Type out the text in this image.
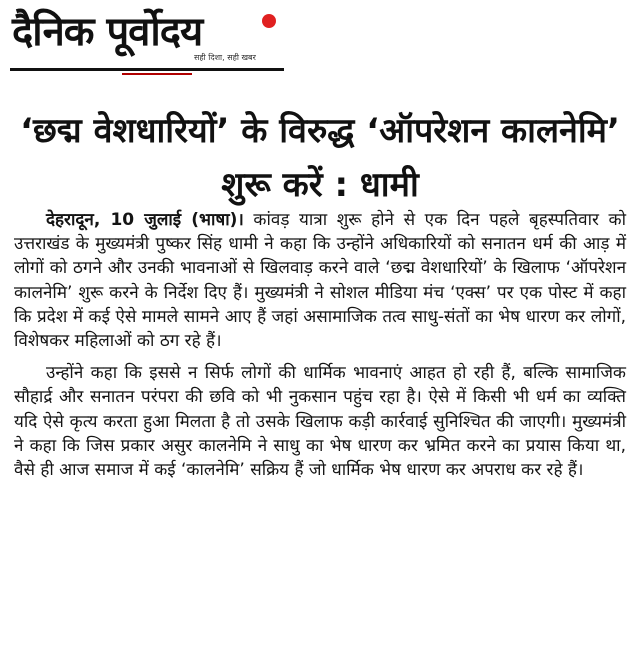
दैनिक पूर्वोदय
सही दिशा, सही खबर
‘छद्म वेशधारियों’ के विरुद्ध ‘ऑपरेशन कालनेमि’ शुरू करें : धामी

देहरादून, 10 जुलाई (भाषा)। कांवड़ यात्रा शुरू होने से एक दिन पहले बृहस्पतिवार को उत्तराखंड के मुख्यमंत्री पुष्कर सिंह धामी ने कहा कि उन्होंने अधिकारियों को सनातन धर्म की आड़ में लोगों को ठगने और उनकी भावनाओं से खिलवाड़ करने वाले ‘छद्म वेशधारियों’ के खिलाफ ‘ऑपरेशन कालनेमि’ शुरू करने के निर्देश दिए हैं। मुख्यमंत्री ने सोशल मीडिया मंच ‘एक्स’ पर एक पोस्ट में कहा कि प्रदेश में कई ऐसे मामले सामने आए हैं जहां असामाजिक तत्व साधु-संतों का भेष धारण कर लोगों, विशेषकर महिलाओं को ठग रहे हैं।

उन्होंने कहा कि इससे न सिर्फ लोगों की धार्मिक भावनाएं आहत हो रही हैं, बल्कि सामाजिक सौहार्द्र और सनातन परंपरा की छवि को भी नुकसान पहुंच रहा है। ऐसे में किसी भी धर्म का व्यक्ति यदि ऐसे कृत्य करता हुआ मिलता है तो उसके खिलाफ कड़ी कार्रवाई सुनिश्चित की जाएगी। मुख्यमंत्री ने कहा कि जिस प्रकार असुर कालनेमि ने साधु का भेष धारण कर भ्रमित करने का प्रयास किया था, वैसे ही आज समाज में कई ‘कालनेमि’ सक्रिय हैं जो धार्मिक भेष धारण कर अपराध कर रहे हैं।
